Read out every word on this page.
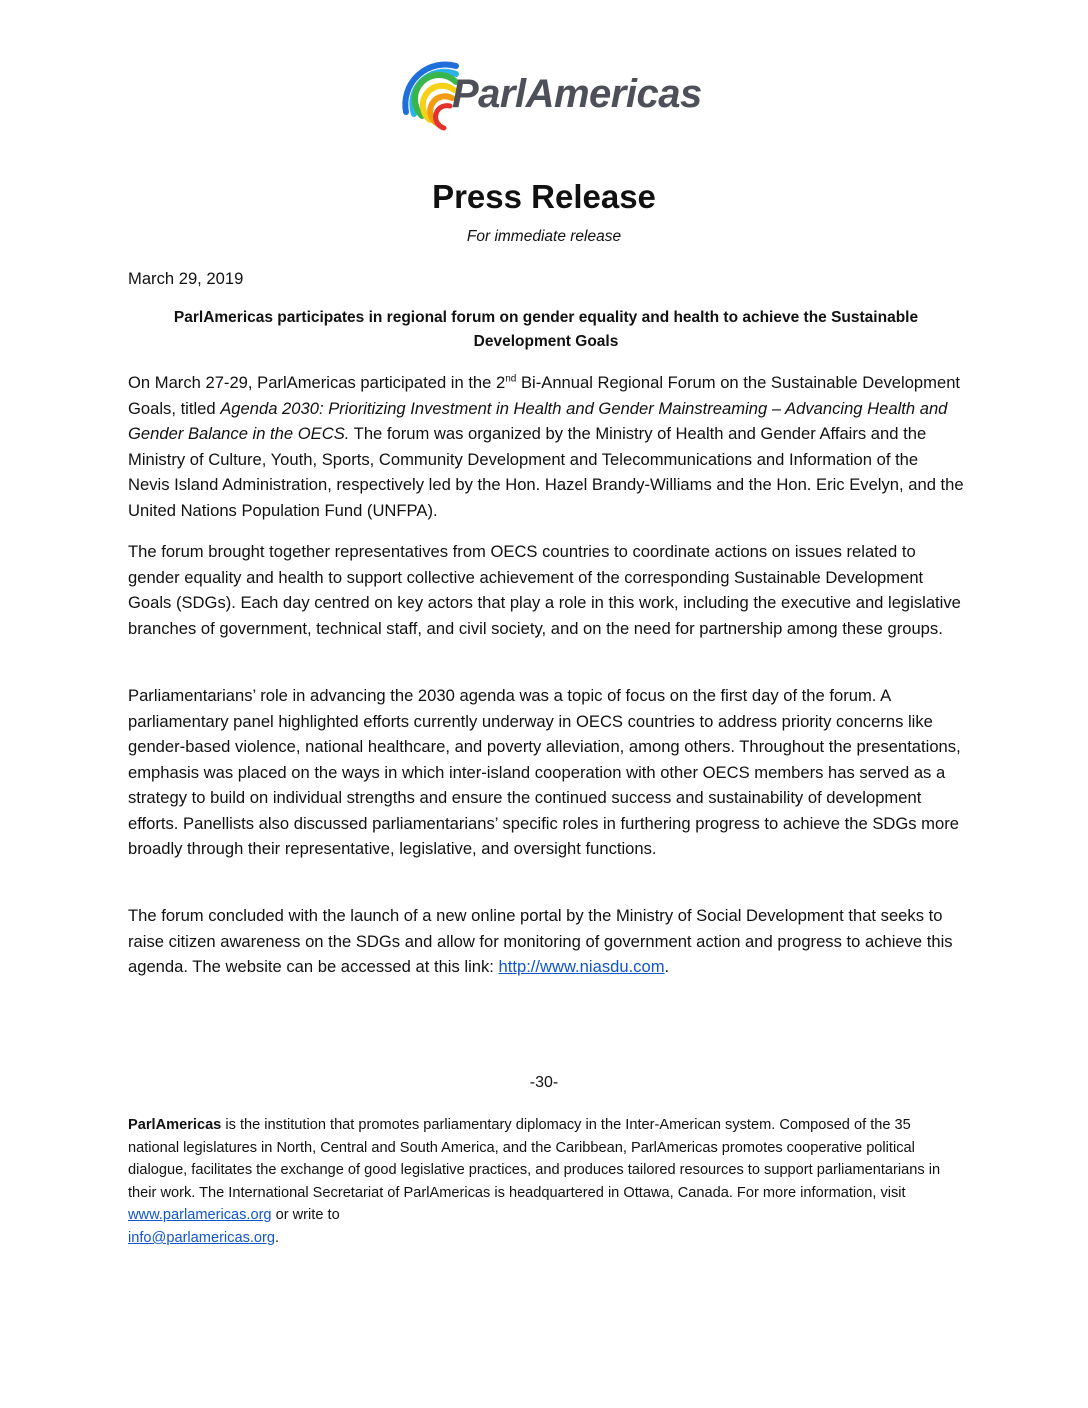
ParlAmericas
Press Release

For immediate release

March 29, 2019

ParlAmericas participates in regional forum on gender equality and health to achieve the Sustainable
Development Goals

On March 27-29, ParlAmericas participated in the 2nd Bi-Annual Regional Forum on the Sustainable Development Goals, titled Agenda 2030: Prioritizing Investment in Health and Gender Mainstreaming – Advancing Health and Gender Balance in the OECS. The forum was organized by the Ministry of Health and Gender Affairs and the Ministry of Culture, Youth, Sports, Community Development and Telecommunications and Information of the Nevis Island Administration, respectively led by the Hon. Hazel Brandy-Williams and the Hon. Eric Evelyn, and the United Nations Population Fund (UNFPA).

The forum brought together representatives from OECS countries to coordinate actions on issues related to gender equality and health to support collective achievement of the corresponding Sustainable Development Goals (SDGs). Each day centred on key actors that play a role in this work, including the executive and legislative branches of government, technical staff, and civil society, and on the need for partnership among these groups.

Parliamentarians’ role in advancing the 2030 agenda was a topic of focus on the first day of the forum. A parliamentary panel highlighted efforts currently underway in OECS countries to address priority concerns like gender-based violence, national healthcare, and poverty alleviation, among others. Throughout the presentations, emphasis was placed on the ways in which inter-island cooperation with other OECS members has served as a strategy to build on individual strengths and ensure the continued success and sustainability of development efforts. Panellists also discussed parliamentarians’ specific roles in furthering progress to achieve the SDGs more broadly through their representative, legislative, and oversight functions.

The forum concluded with the launch of a new online portal by the Ministry of Social Development that seeks to raise citizen awareness on the SDGs and allow for monitoring of government action and progress to achieve this agenda. The website can be accessed at this link: http://www.niasdu.com.

-30-

ParlAmericas is the institution that promotes parliamentary diplomacy in the Inter-American system. Composed of the 35 national legislatures in North, Central and South America, and the Caribbean, ParlAmericas promotes cooperative political dialogue, facilitates the exchange of good legislative practices, and produces tailored resources to support parliamentarians in their work. The International Secretariat of ParlAmericas is headquartered in Ottawa, Canada. For more information, visit www.parlamericas.org or write to
info@parlamericas.org.
